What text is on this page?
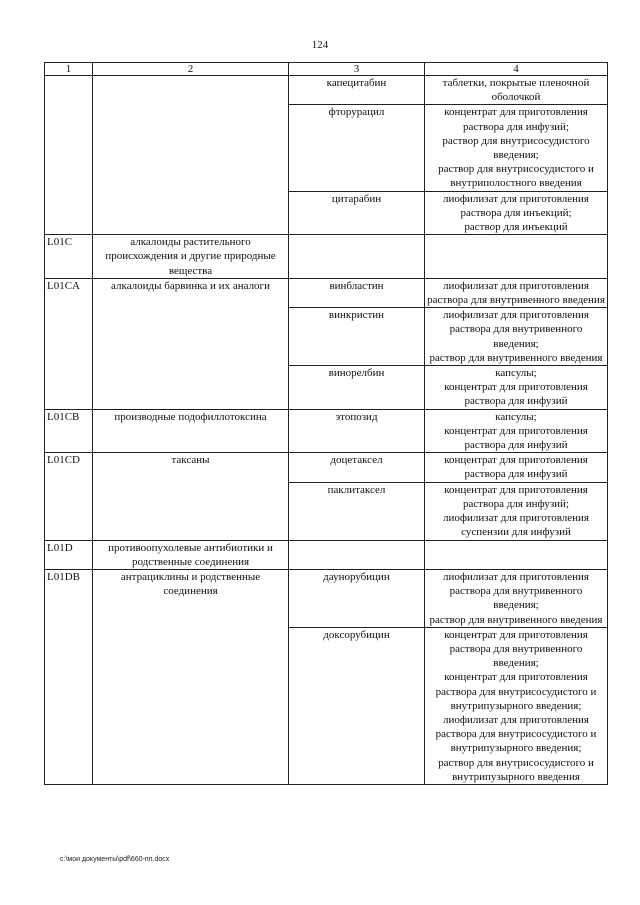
124
1	2	3	4
		капецитабин	таблетки, покрытые пленочной оболочкой

		фторурацил	концентрат для приготовления раствора для инфузий;
раствор для внутрисосудистого введения;
раствор для внутрисосудистого и внутриполостного введения

		цитарабин	лиофилизат для приготовления раствора для инъекций;
раствор для инъекций

L01C	алкалоиды растительного происхождения и другие природные вещества		
L01CA	алкалоиды барвинка и их аналоги	винбластин	лиофилизат для приготовления раствора для внутривенного введения

		винкристин	лиофилизат для приготовления раствора для внутривенного введения;
раствор для внутривенного введения

		винорелбин	капсулы;
концентрат для приготовления раствора для инфузий

L01CB	производные подофиллотоксина	этопозид	капсулы;
концентрат для приготовления раствора для инфузий

L01CD	таксаны	доцетаксел	концентрат для приготовления раствора для инфузий

		паклитаксел	концентрат для приготовления раствора для инфузий;
лиофилизат для приготовления суспензии для инфузий

L01D	противоопухолевые антибиотики и родственные соединения		
L01DB	антрациклины и родственные соединения	даунорубицин	лиофилизат для приготовления раствора для внутривенного введения;
раствор для внутривенного введения

		доксорубицин	концентрат для приготовления раствора для внутривенного введения;
концентрат для приготовления раствора для внутрисосудистого и внутрипузырного введения;
лиофилизат для приготовления раствора для внутрисосудистого и внутрипузырного введения;
раствор для внутрисосудистого и внутрипузырного введения
c:\мои документы\pdf\660-пп.docx
